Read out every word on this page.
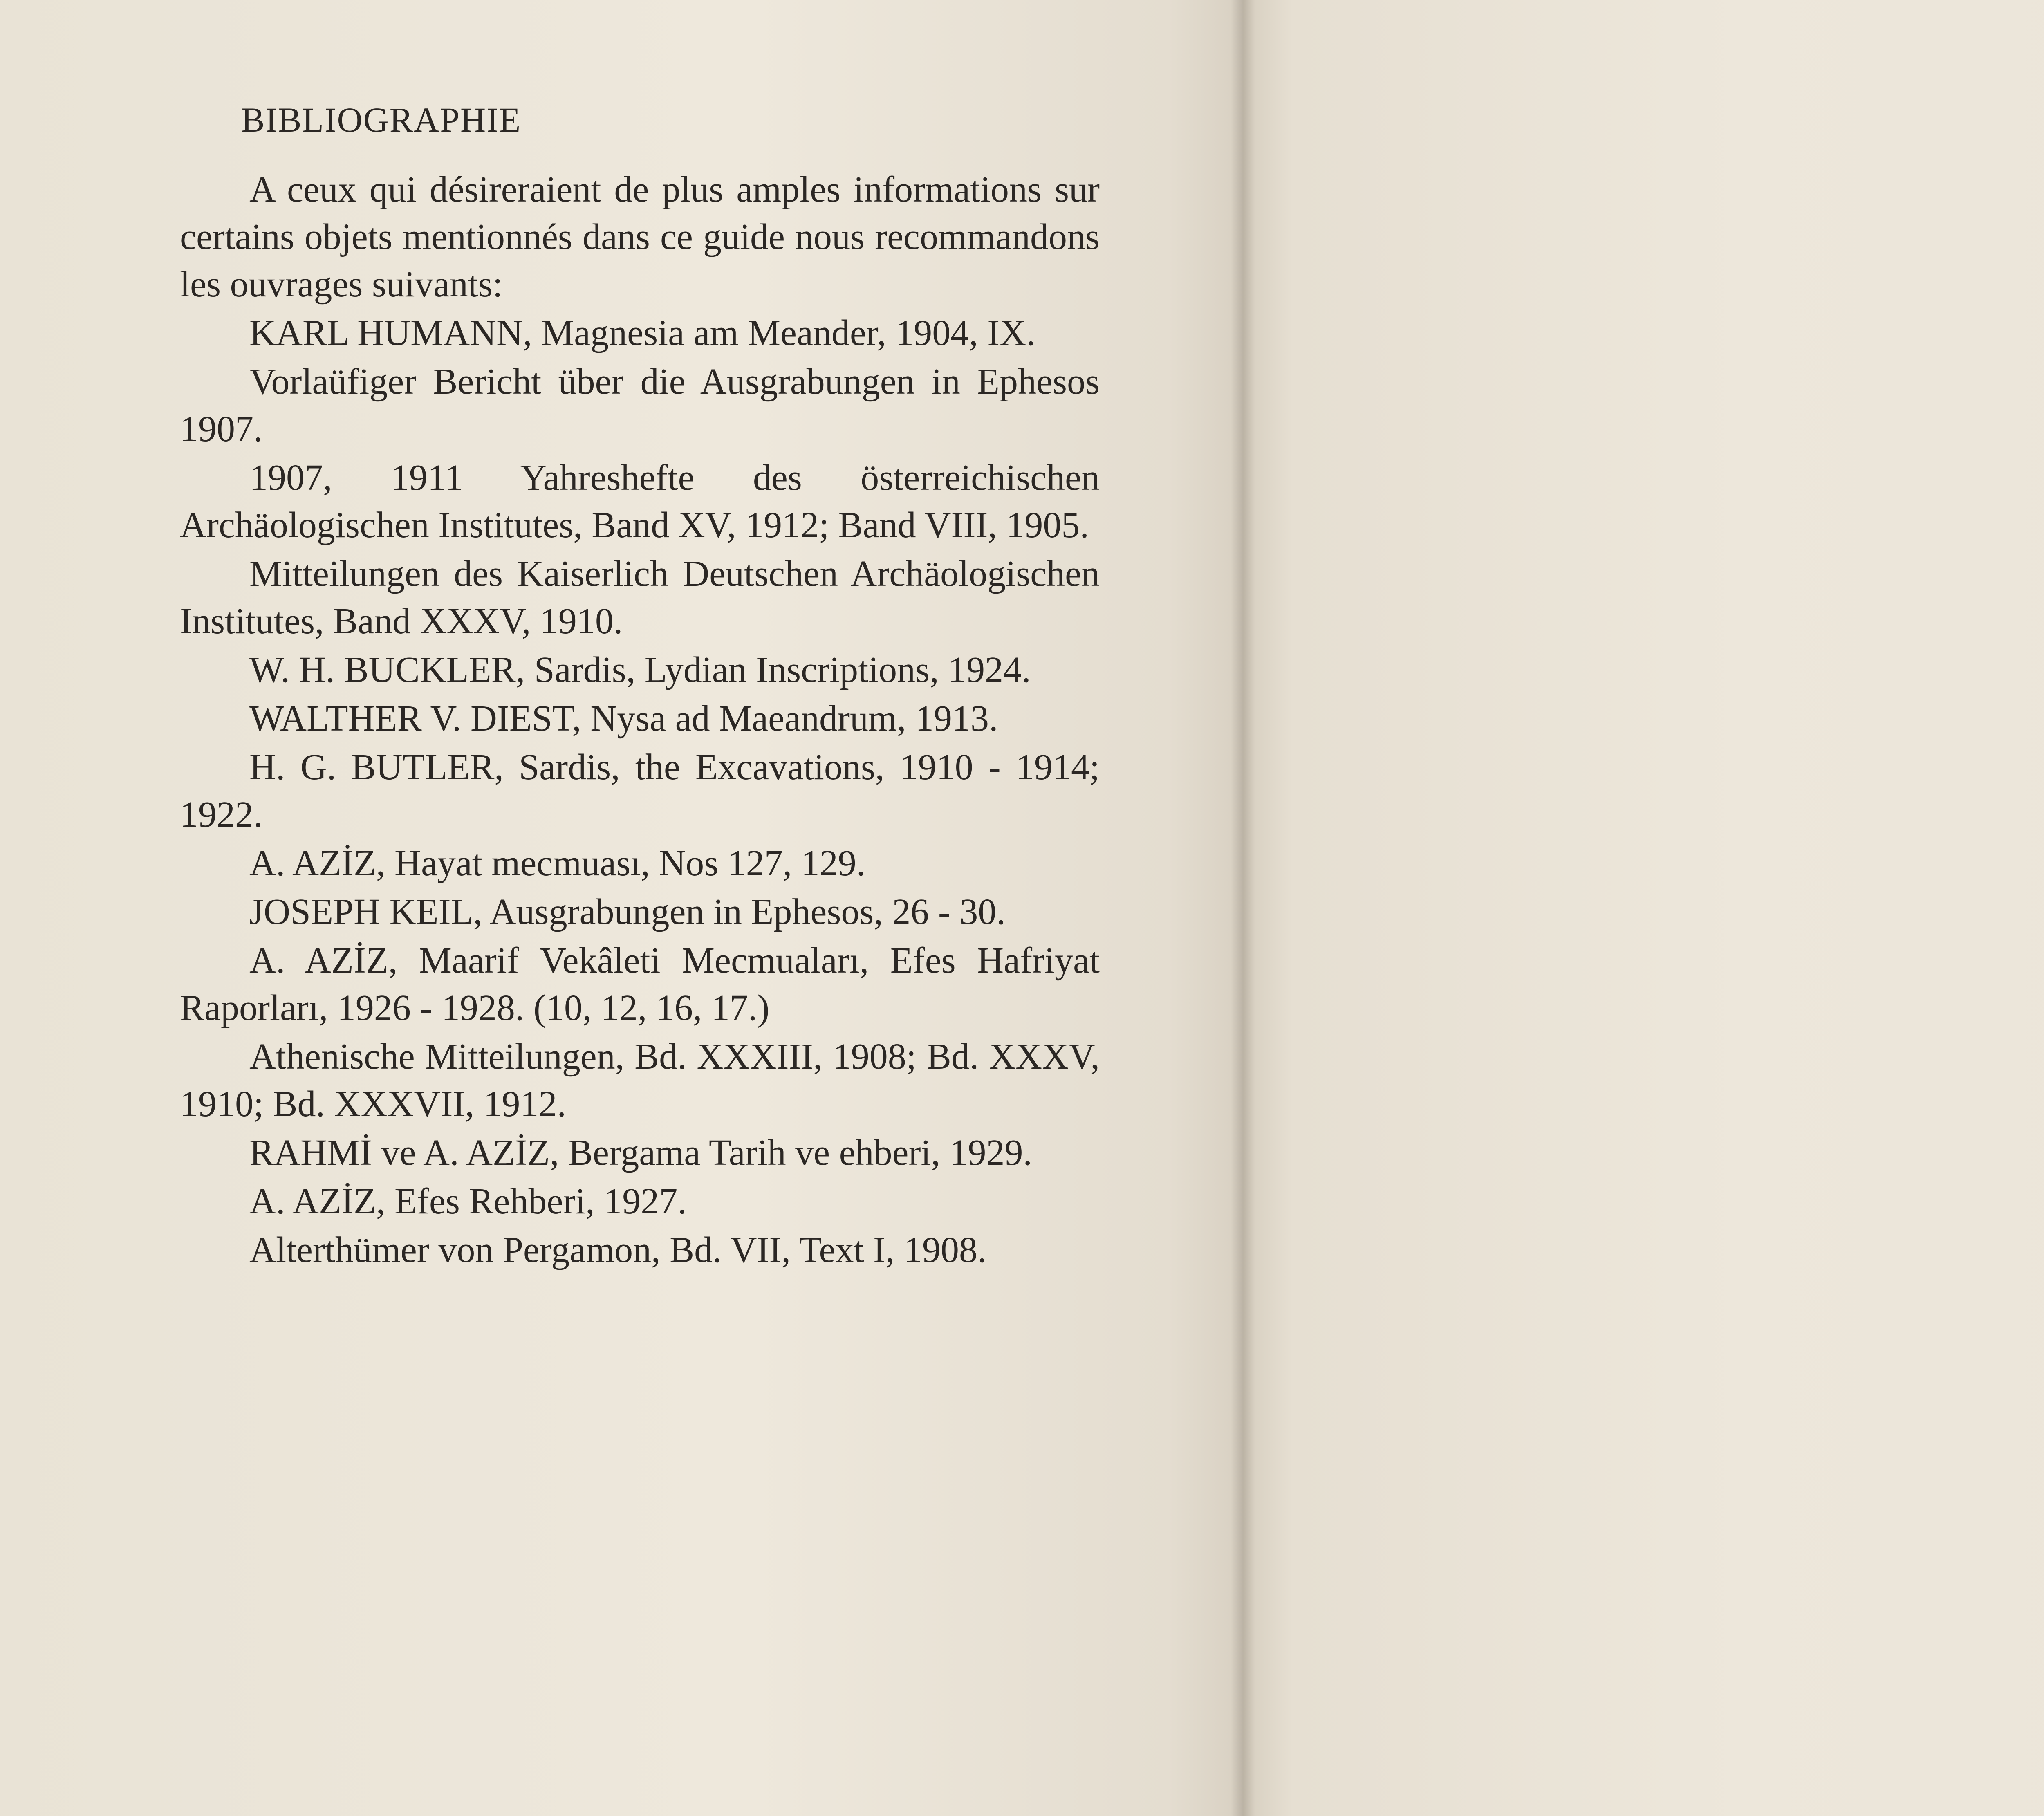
BIBLIOGRAPHIE

A ceux qui désireraient de plus amples informations sur certains objets mentionnés dans ce guide nous recommandons les ouvrages suivants:

KARL HUMANN, Magnesia am Meander, 1904, IX.

Vorlaüfiger Bericht über die Ausgrabungen in Ephesos 1907.

1907, 1911 Yahreshefte des österreichischen Archäologischen Institutes, Band XV, 1912; Band VIII, 1905.

Mitteilungen des Kaiserlich Deutschen Archäologischen Institutes, Band XXXV, 1910.

W. H. BUCKLER, Sardis, Lydian Inscriptions, 1924.

WALTHER V. DIEST, Nysa ad Maeandrum, 1913.

H. G. BUTLER, Sardis, the Excavations, 1910 - 1914; 1922.

A. AZİZ, Hayat mecmuası, Nos 127, 129.

JOSEPH KEIL, Ausgrabungen in Ephesos, 26 - 30.

A. AZİZ, Maarif Vekâleti Mecmuaları, Efes Hafriyat Raporları, 1926 - 1928. (10, 12, 16, 17.)

Athenische Mitteilungen, Bd. XXXIII, 1908; Bd. XXXV, 1910; Bd. XXXVII, 1912.

RAHMİ ve A. AZİZ, Bergama Tarih ve ehberi, 1929.

A. AZİZ, Efes Rehberi, 1927.

Alterthümer von Pergamon, Bd. VII, Text I, 1908.
